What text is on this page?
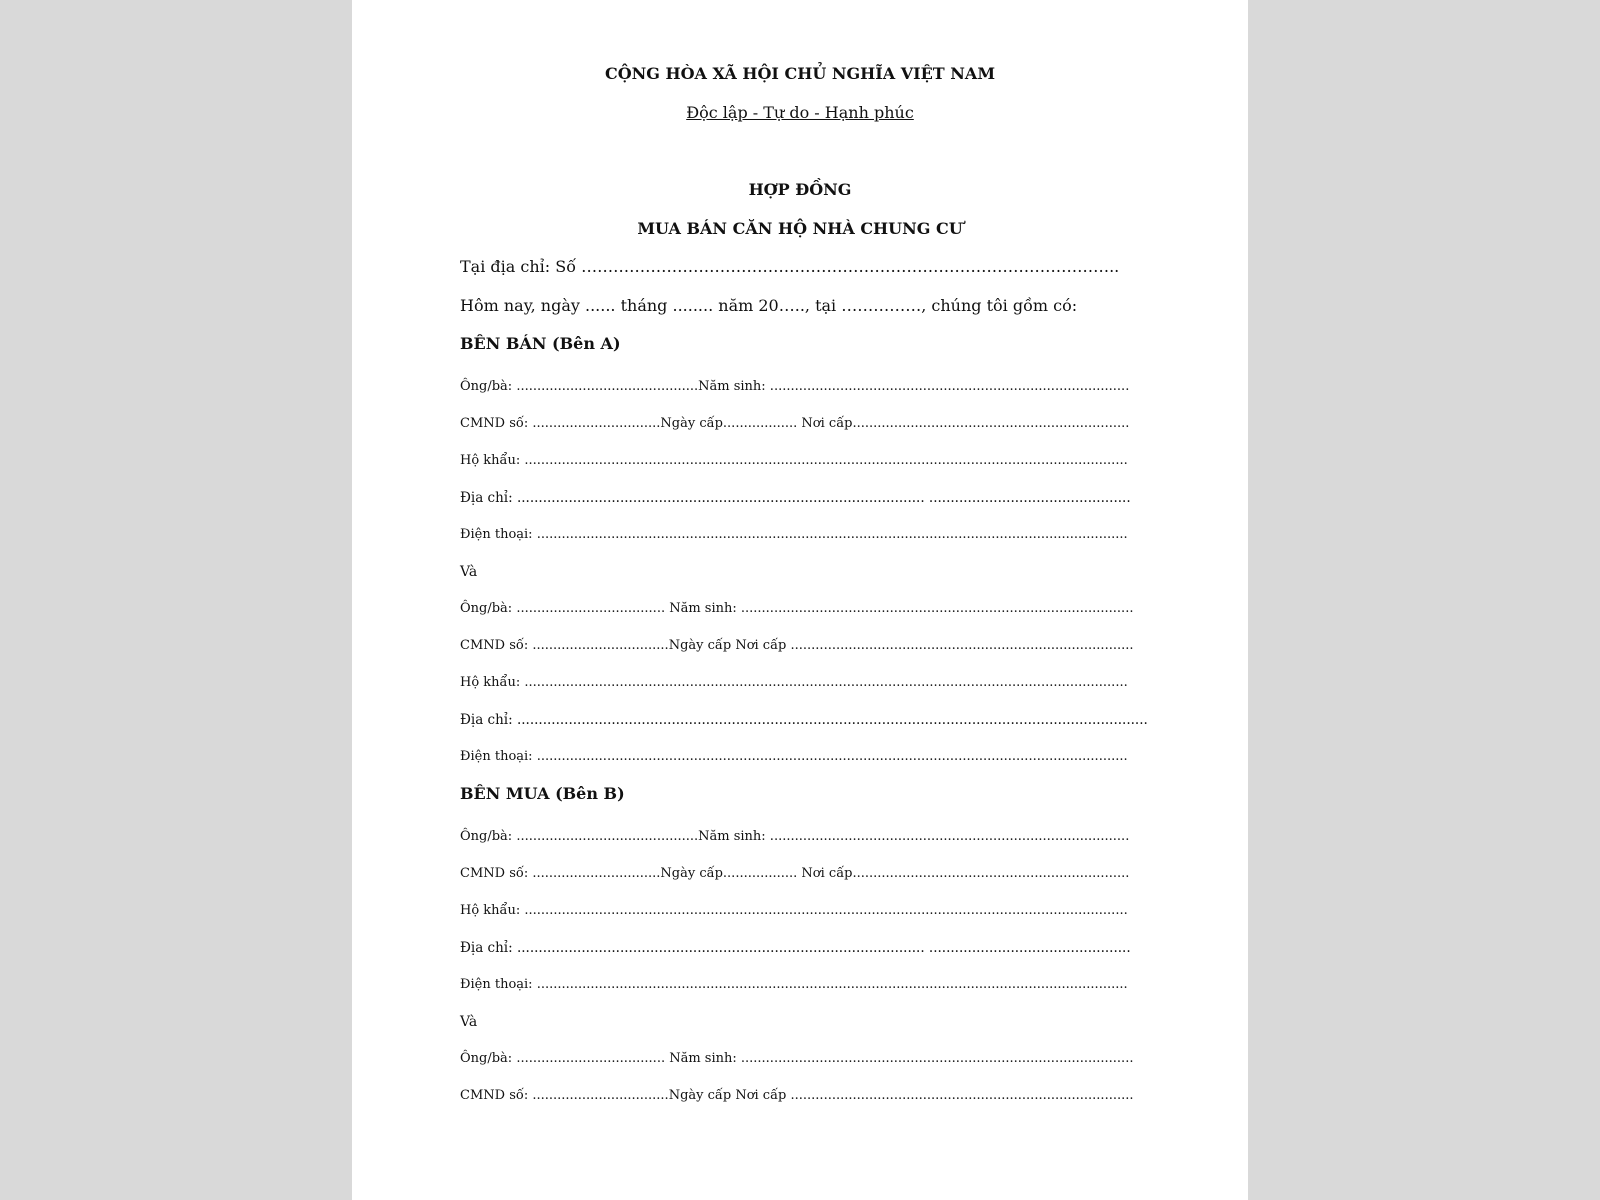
CỘNG HÒA XÃ HỘI CHỦ NGHĨA VIỆT NAM
Độc lập - Tự do - Hạnh phúc
HỢP ĐỒNG
MUA BÁN CĂN HỘ NHÀ CHUNG CƯ
Tại địa chỉ: Số ………………………………………………………………………………………..
Hôm nay, ngày ...... tháng ........ năm 20….., tại ……………, chúng tôi gồm có:
BÊN BÁN (Bên A)
Ông/bà: ............................................Năm sinh: .......................................................................................
CMND số: ...............................Ngày cấp.................. Nơi cấp...................................................................
Hộ khẩu: ..................................................................................................................................................
Địa chỉ: ............................................................................................... ...............................................
Điện thoại: ...............................................................................................................................................
Và
Ông/bà: .................................... Năm sinh: ...............................................................................................
CMND số: .................................Ngày cấp Nơi cấp ...................................................................................
Hộ khẩu: ..................................................................................................................................................
Địa chỉ: ...................................................................................................................................................
Điện thoại: ...............................................................................................................................................
BÊN MUA (Bên B)
Ông/bà: ............................................Năm sinh: .......................................................................................
CMND số: ...............................Ngày cấp.................. Nơi cấp...................................................................
Hộ khẩu: ..................................................................................................................................................
Địa chỉ: ............................................................................................... ...............................................
Điện thoại: ...............................................................................................................................................
Và
Ông/bà: .................................... Năm sinh: ...............................................................................................
CMND số: .................................Ngày cấp Nơi cấp ...................................................................................
